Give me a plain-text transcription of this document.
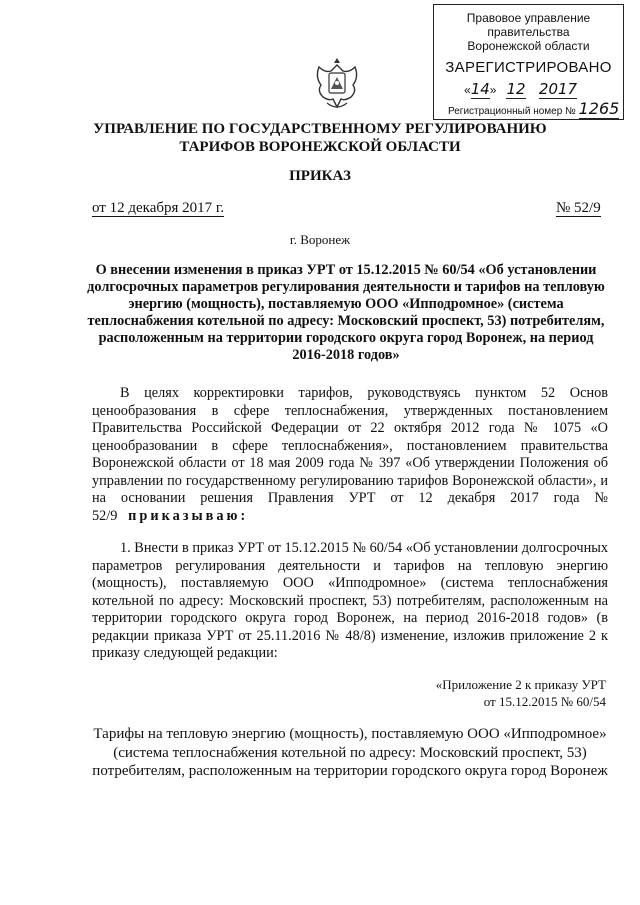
Правовое управление правительства
Воронежской области
ЗАРЕГИСТРИРОВАНО
«14»   12 2017
Регистрационный номер № 1265
УПРАВЛЕНИЕ ПО ГОСУДАРСТВЕННОМУ РЕГУЛИРОВАНИЮ
ТАРИФОВ ВОРОНЕЖСКОЙ ОБЛАСТИ
ПРИКАЗ
от 12 декабря 2017 г.	№ 52/9
г. Воронеж
О внесении изменения в приказ УРТ от 15.12.2015 № 60/54 «Об установлении долгосрочных параметров регулирования деятельности и тарифов на тепловую энергию (мощность), поставляемую ООО «Ипподромное» (система теплоснабжения котельной по адресу: Московский проспект, 53) потребителям, расположенным на территории городского округа город Воронеж, на период 2016-2018 годов»
В целях корректировки тарифов, руководствуясь пунктом 52 Основ ценообразования в сфере теплоснабжения, утвержденных постановлением Правительства Российской Федерации от 22 октября 2012 года № 1075 «О ценообразовании в сфере теплоснабжения», постановлением правительства Воронежской области от 18 мая 2009 года № 397 «Об утверждении Положения об управлении по государственному регулированию тарифов Воронежской области», и на основании решения Правления УРТ от 12 декабря 2017 года № 52/9 приказываю:
1. Внести в приказ УРТ от 15.12.2015 № 60/54 «Об установлении долгосрочных параметров регулирования деятельности и тарифов на тепловую энергию (мощность), поставляемую ООО «Ипподромное» (система теплоснабжения котельной по адресу: Московский проспект, 53) потребителям, расположенным на территории городского округа город Воронеж, на период 2016-2018 годов» (в редакции приказа УРТ от 25.11.2016 № 48/8) изменение, изложив приложение 2 к приказу следующей редакции:
«Приложение 2 к приказу УРТ
от 15.12.2015 № 60/54
Тарифы на тепловую энергию (мощность), поставляемую ООО «Ипподромное» (система теплоснабжения котельной по адресу: Московский проспект, 53) потребителям, расположенным на территории городского округа город Воронеж
